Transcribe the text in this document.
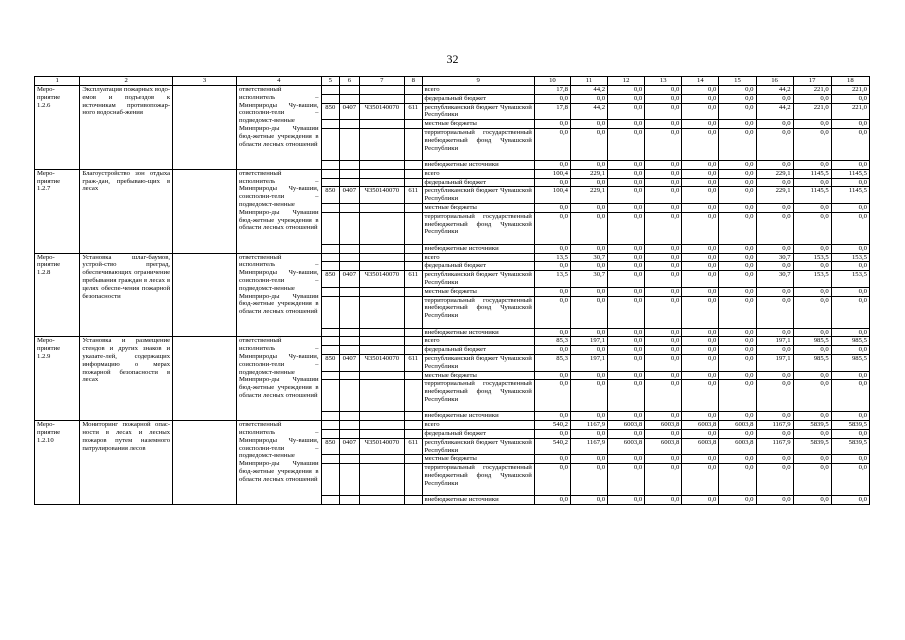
32
1	2	3	4	5	6	7	8	9	10	11	12	13	14	15	16	17	18
Меро-
приятие
1.2.6	Эксплуатация пожарных водо-емов и подъездов к источникам противопожар-ного водоснаб-жения		ответственный исполнитель – Минприроды Чу-вашии, соисполни-тели – подведомст-венные Минприро-ды Чувашии бюд-жетные учреждения в области лесных отношений					всего	17,8	44,2	0,0	0,0	0,0	0,0	44,2	221,0	221,0
								федеральный бюджет	0,0	0,0	0,0	0,0	0,0	0,0	0,0	0,0	0,0
				850	0407	Ч350140070	611	республиканский бюджет Чувашской Республики	17,8	44,2	0,0	0,0	0,0	0,0	44,2	221,0	221,0
								местные бюджеты	0,0	0,0	0,0	0,0	0,0	0,0	0,0	0,0	0,0
								территориальный государственный внебюджетный фонд Чувашской Республики	0,0	0,0	0,0	0,0	0,0	0,0	0,0	0,0	0,0
								внебюджетные источники	0,0	0,0	0,0	0,0	0,0	0,0	0,0	0,0	0,0
Меро-
приятие
1.2.7	Благоустройство зон отдыха граж-дан, пребываю-щих в лесах		ответственный исполнитель – Минприроды Чу-вашии, соисполни-тели – подведомст-венные Минприро-ды Чувашии бюд-жетные учреждения в области лесных отношений					всего	100,4	229,1	0,0	0,0	0,0	0,0	229,1	1145,5	1145,5
								федеральный бюджет	0,0	0,0	0,0	0,0	0,0	0,0	0,0	0,0	0,0
				850	0407	Ч350140070	611	республиканский бюджет Чувашской Республики	100,4	229,1	0,0	0,0	0,0	0,0	229,1	1145,5	1145,5
								местные бюджеты	0,0	0,0	0,0	0,0	0,0	0,0	0,0	0,0	0,0
								территориальный государственный внебюджетный фонд Чувашской Республики	0,0	0,0	0,0	0,0	0,0	0,0	0,0	0,0	0,0
								внебюджетные источники	0,0	0,0	0,0	0,0	0,0	0,0	0,0	0,0	0,0
Меро-
приятие
1.2.8	Установка шлаг-баумов, устрой-ство преград, обеспечивающих ограничение пребывания граждан в лесах в целях обеспе-чения пожарной безопасности		ответственный исполнитель – Минприроды Чу-вашии, соисполни-тели – подведомст-венные Минприро-ды Чувашии бюд-жетные учреждения в области лесных отношений					всего	13,5	30,7	0,0	0,0	0,0	0,0	30,7	153,5	153,5
								федеральный бюджет	0,0	0,0	0,0	0,0	0,0	0,0	0,0	0,0	0,0
				850	0407	Ч350140070	611	республиканский бюджет Чувашской Республики	13,5	30,7	0,0	0,0	0,0	0,0	30,7	153,5	153,5
								местные бюджеты	0,0	0,0	0,0	0,0	0,0	0,0	0,0	0,0	0,0
								территориальный государственный внебюджетный фонд Чувашской Республики	0,0	0,0	0,0	0,0	0,0	0,0	0,0	0,0	0,0
								внебюджетные источники	0,0	0,0	0,0	0,0	0,0	0,0	0,0	0,0	0,0
Меро-
приятие
1.2.9	Установка и размещение стендов и других знаков и указате-лей, содержащих информацию о мерах пожарной безопасности в лесах		ответственный исполнитель – Минприроды Чу-вашии, соисполни-тели – подведомст-венные Минприро-ды Чувашии бюд-жетные учреждения в области лесных отношений					всего	85,3	197,1	0,0	0,0	0,0	0,0	197,1	985,5	985,5
								федеральный бюджет	0,0	0,0	0,0	0,0	0,0	0,0	0,0	0,0	0,0
				850	0407	Ч350140070	611	республиканский бюджет Чувашской Республики	85,3	197,1	0,0	0,0	0,0	0,0	197,1	985,5	985,5
								местные бюджеты	0,0	0,0	0,0	0,0	0,0	0,0	0,0	0,0	0,0
								территориальный государственный внебюджетный фонд Чувашской Республики	0,0	0,0	0,0	0,0	0,0	0,0	0,0	0,0	0,0
								внебюджетные источники	0,0	0,0	0,0	0,0	0,0	0,0	0,0	0,0	0,0
Меро-
приятие
1.2.10	Мониторинг пожарной опас-ности в лесах и лесных пожаров путем наземного патрулирования лесов		ответственный исполнитель – Минприроды Чу-вашии, соисполни-тели – подведомст-венные Минприро-ды Чувашии бюд-жетные учреждения в области лесных отношений					всего	540,2	1167,9	6003,8	6003,8	6003,8	6003,8	1167,9	5839,5	5839,5
								федеральный бюджет	0,0	0,0	0,0	0,0	0,0	0,0	0,0	0,0	0,0
				850	0407	Ч350140070	611	республиканский бюджет Чувашской Республики	540,2	1167,9	6003,8	6003,8	6003,8	6003,8	1167,9	5839,5	5839,5
								местные бюджеты	0,0	0,0	0,0	0,0	0,0	0,0	0,0	0,0	0,0
								территориальный государственный внебюджетный фонд Чувашской Республики	0,0	0,0	0,0	0,0	0,0	0,0	0,0	0,0	0,0
								внебюджетные источники	0,0	0,0	0,0	0,0	0,0	0,0	0,0	0,0	0,0
